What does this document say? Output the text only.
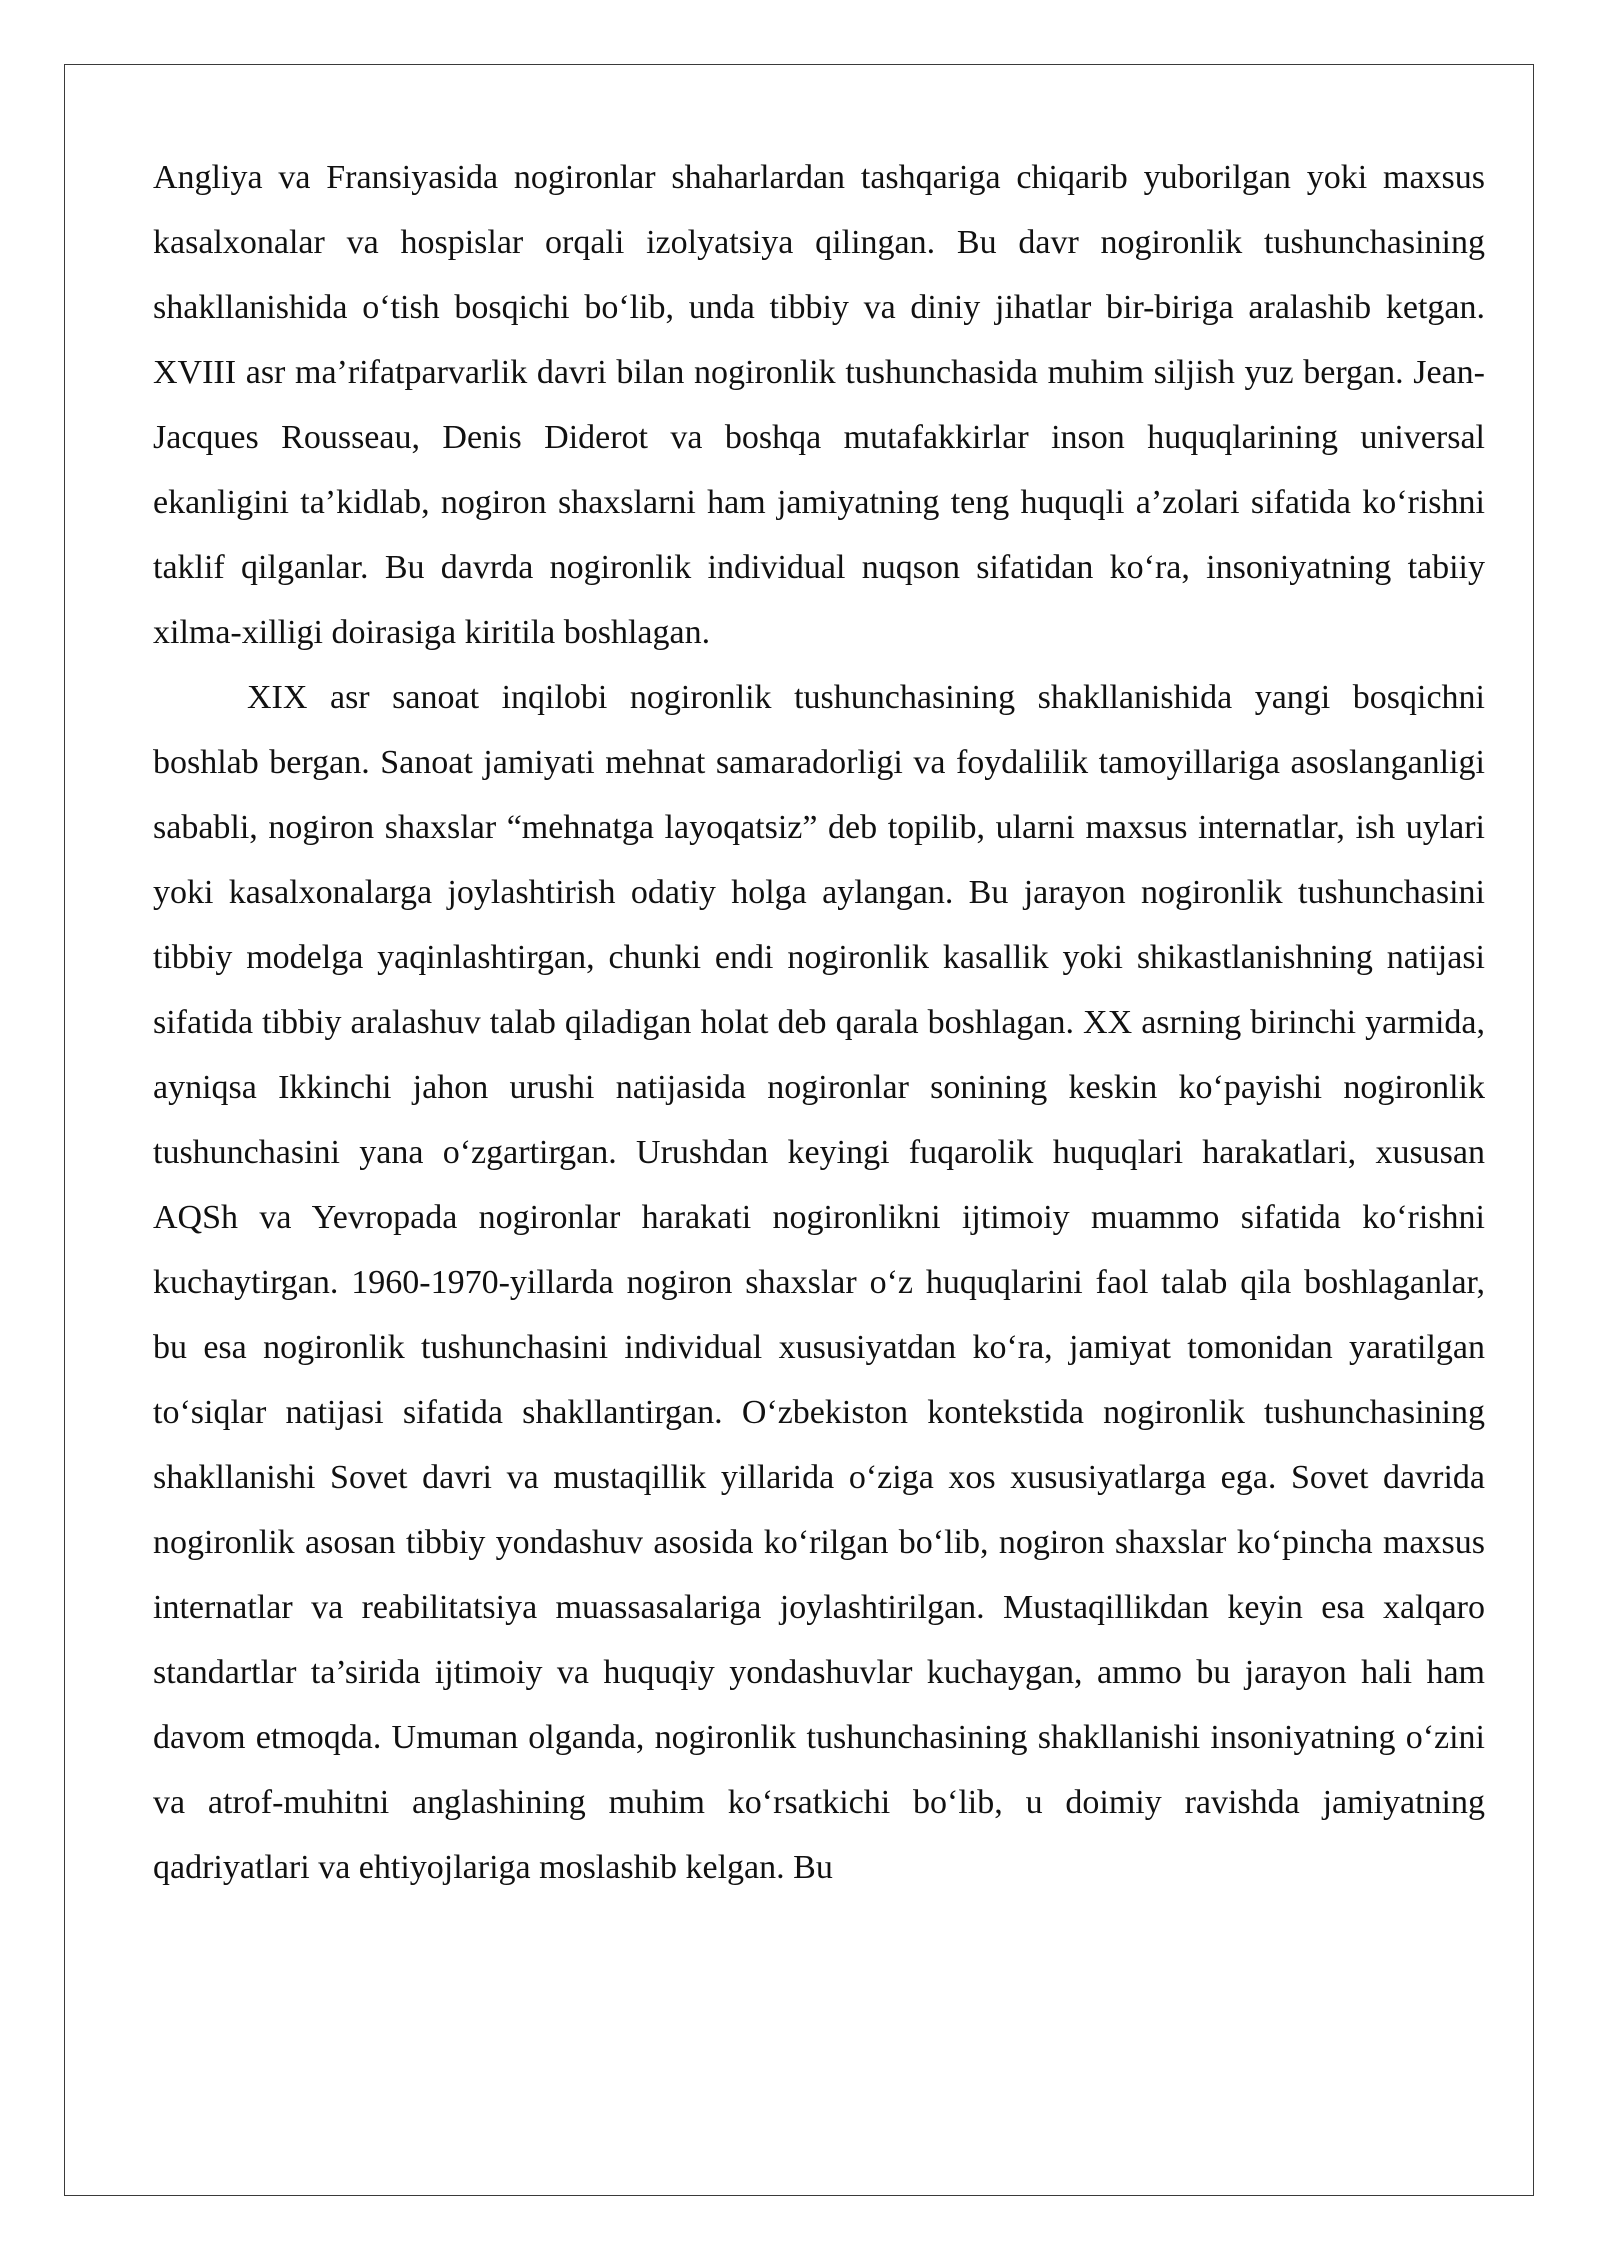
Angliya va Fransiyasida nogironlar shaharlardan tashqariga chiqarib yuborilgan yoki maxsus kasalxonalar va hospislar orqali izolyatsiya qilingan. Bu davr nogironlik tushunchasining shakllanishida o‘tish bosqichi bo‘lib, unda tibbiy va diniy jihatlar bir-biriga aralashib ketgan. XVIII asr ma’rifatparvarlik davri bilan nogironlik tushunchasida muhim siljish yuz bergan. Jean-Jacques Rousseau, Denis Diderot va boshqa mutafakkirlar inson huquqlarining universal ekanligini ta’kidlab, nogiron shaxslarni ham jamiyatning teng huquqli a’zolari sifatida ko‘rishni taklif qilganlar. Bu davrda nogironlik individual nuqson sifatidan ko‘ra, insoniyatning tabiiy xilma-xilligi doirasiga kiritila boshlagan.

XIX asr sanoat inqilobi nogironlik tushunchasining shakllanishida yangi bosqichni boshlab bergan. Sanoat jamiyati mehnat samaradorligi va foydalilik tamoyillariga asoslanganligi sababli, nogiron shaxslar “mehnatga layoqatsiz” deb topilib, ularni maxsus internatlar, ish uylari yoki kasalxonalarga joylashtirish odatiy holga aylangan. Bu jarayon nogironlik tushunchasini tibbiy modelga yaqinlashtirgan, chunki endi nogironlik kasallik yoki shikastlanishning natijasi sifatida tibbiy aralashuv talab qiladigan holat deb qarala boshlagan. XX asrning birinchi yarmida, ayniqsa Ikkinchi jahon urushi natijasida nogironlar sonining keskin ko‘payishi nogironlik tushunchasini yana o‘zgartirgan. Urushdan keyingi fuqarolik huquqlari harakatlari, xususan AQSh va Yevropada nogironlar harakati nogironlikni ijtimoiy muammo sifatida ko‘rishni kuchaytirgan. 1960-1970-yillarda nogiron shaxslar o‘z huquqlarini faol talab qila boshlaganlar, bu esa nogironlik tushunchasini individual xususiyatdan ko‘ra, jamiyat tomonidan yaratilgan to‘siqlar natijasi sifatida shakllantirgan. O‘zbekiston kontekstida nogironlik tushunchasining shakllanishi Sovet davri va mustaqillik yillarida o‘ziga xos xususiyatlarga ega. Sovet davrida nogironlik asosan tibbiy yondashuv asosida ko‘rilgan bo‘lib, nogiron shaxslar ko‘pincha maxsus internatlar va reabilitatsiya muassasalariga joylashtirilgan. Mustaqillikdan keyin esa xalqaro standartlar ta’sirida ijtimoiy va huquqiy yondashuvlar kuchaygan, ammo bu jarayon hali ham davom etmoqda. Umuman olganda, nogironlik tushunchasining shakllanishi insoniyatning o‘zini va atrof-muhitni anglashining muhim ko‘rsatkichi bo‘lib, u doimiy ravishda jamiyatning qadriyatlari va ehtiyojlariga moslashib kelgan. Bu
